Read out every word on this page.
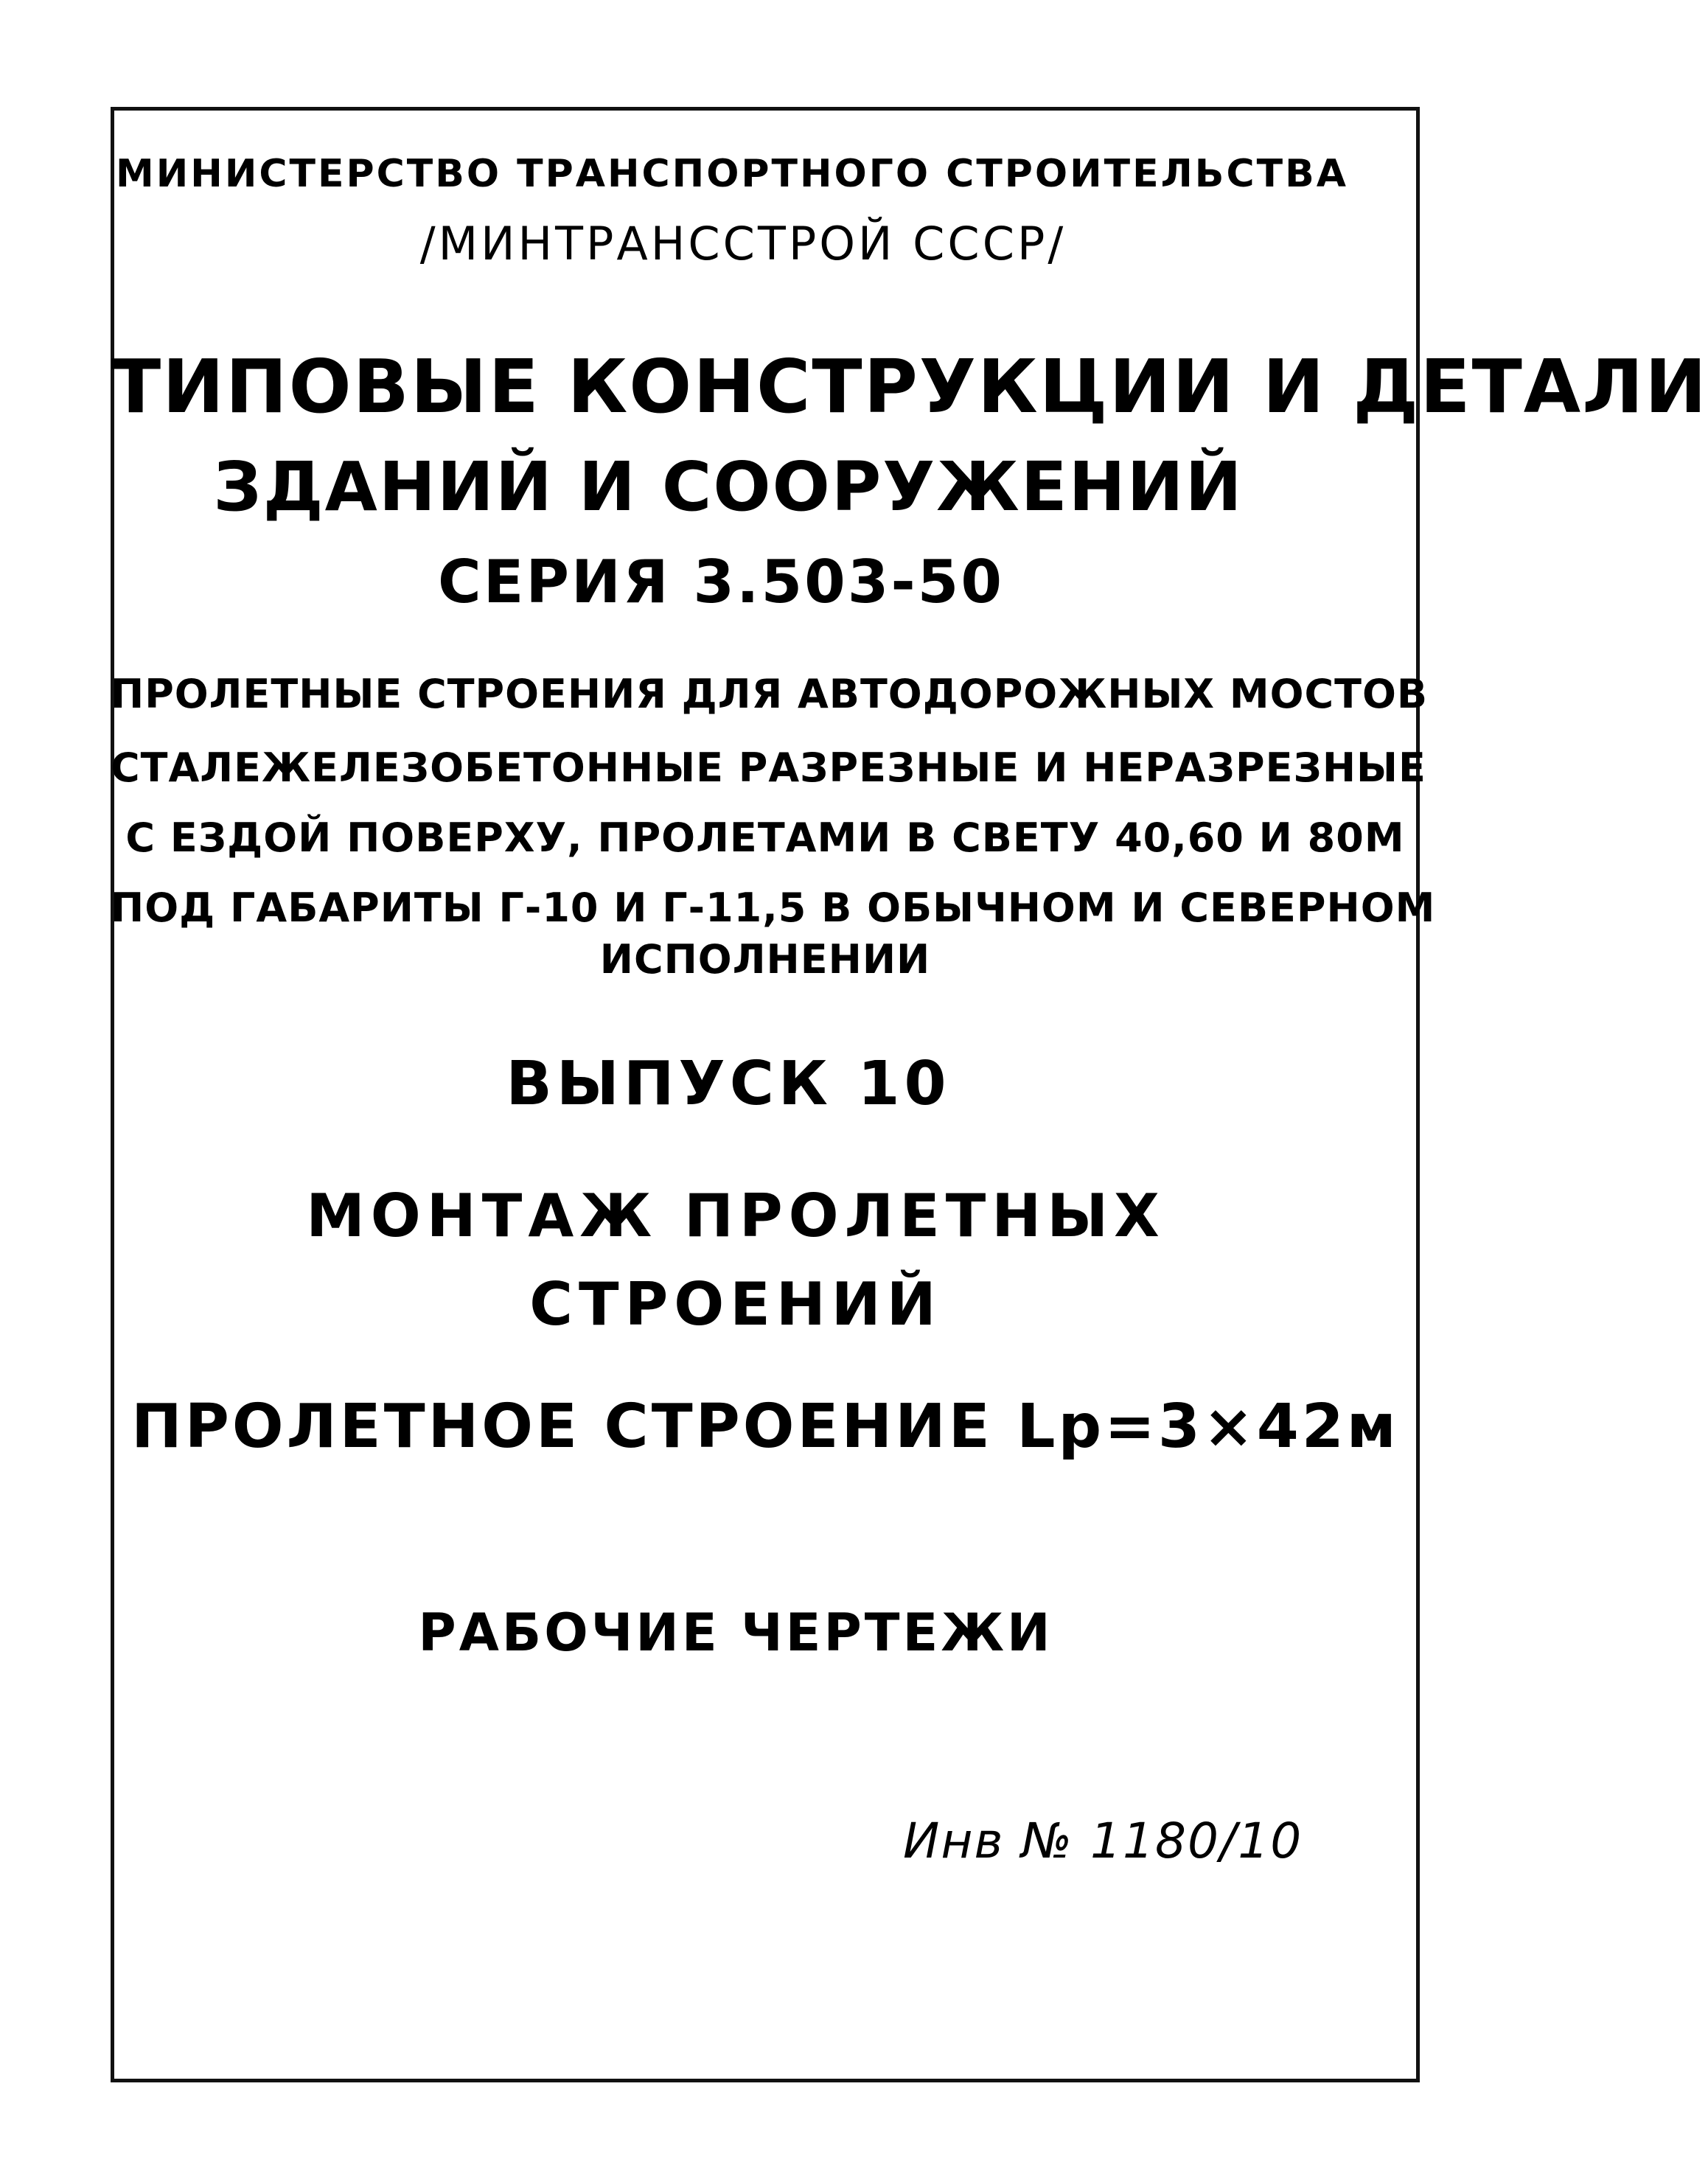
МИНИСТЕРСТВО ТРАНСПОРТНОГО СТРОИТЕЛЬСТВА
/МИНТРАНССТРОЙ СССР/
ТИПОВЫЕ КОНСТРУКЦИИ И ДЕТАЛИ
ЗДАНИЙ И СООРУЖЕНИЙ
СЕРИЯ 3.503-50
ПРОЛЕТНЫЕ СТРОЕНИЯ ДЛЯ АВТОДОРОЖНЫХ МОСТОВ
СТАЛЕЖЕЛЕЗОБЕТОННЫЕ РАЗРЕЗНЫЕ И НЕРАЗРЕЗНЫЕ
С ЕЗДОЙ ПОВЕРХУ, ПРОЛЕТАМИ В СВЕТУ 40,60 И 80М
ПОД ГАБАРИТЫ Г-10 И Г-11,5 В ОБЫЧНОМ И СЕВЕРНОМ
ИСПОЛНЕНИИ
ВЫПУСК 10
МОНТАЖ ПРОЛЕТНЫХ
СТРОЕНИЙ
ПРОЛЕТНОЕ СТРОЕНИЕ Lp=3×42м
РАБОЧИЕ ЧЕРТЕЖИ
Инв № 1180/10
